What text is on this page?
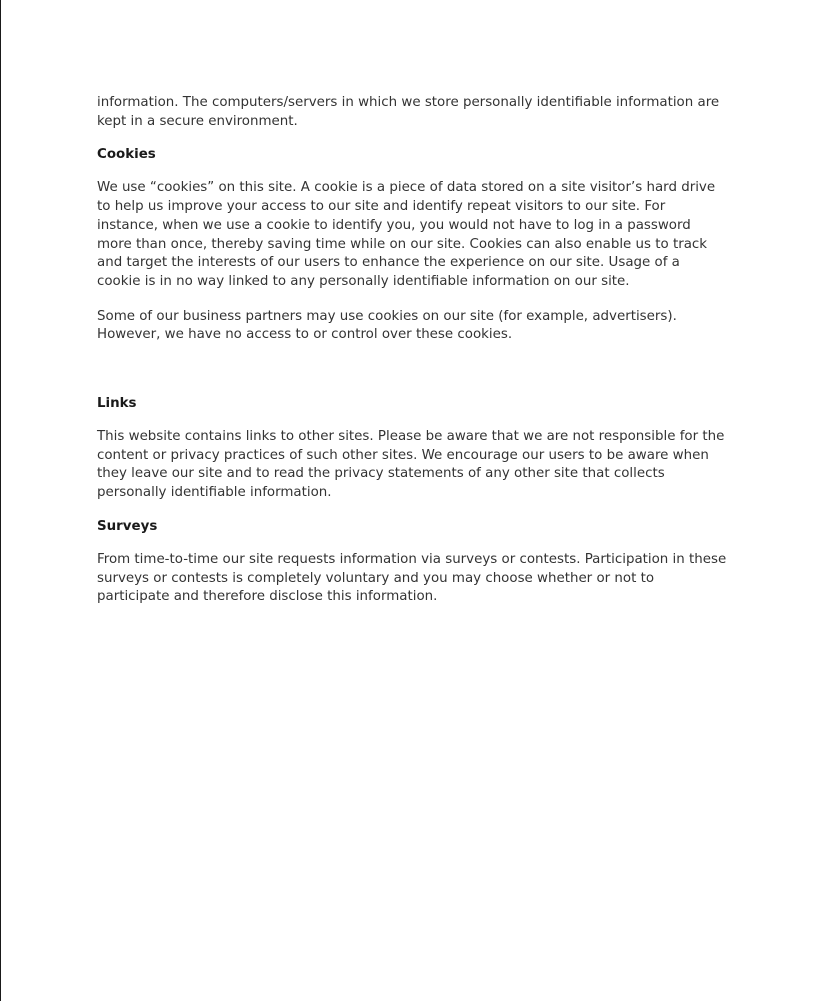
information. The computers/servers in which we store personally identifiable information are kept in a secure environment.

Cookies

We use “cookies” on this site. A cookie is a piece of data stored on a site visitor’s hard drive to help us improve your access to our site and identify repeat visitors to our site. For instance, when we use a cookie to identify you, you would not have to log in a password more than once, thereby saving time while on our site. Cookies can also enable us to track and target the interests of our users to enhance the experience on our site. Usage of a cookie is in no way linked to any personally identifiable information on our site.

Some of our business partners may use cookies on our site (for example, advertisers). However, we have no access to or control over these cookies.

Links

This website contains links to other sites. Please be aware that we are not responsible for the content or privacy practices of such other sites. We encourage our users to be aware when they leave our site and to read the privacy statements of any other site that collects personally identifiable information.

Surveys

From time-to-time our site requests information via surveys or contests. Participation in these surveys or contests is completely voluntary and you may choose whether or not to participate and therefore disclose this information.
